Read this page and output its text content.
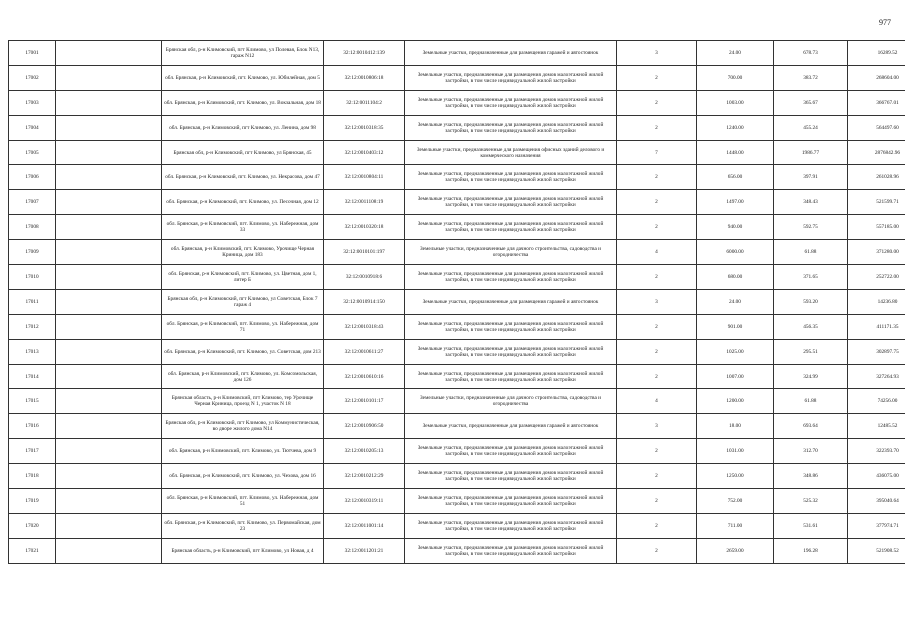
977
17001		Брянская обл, р-н Климовский, пгт Климово, ул Полевая, Блок N13, гараж N12	32:12:0010412:139	Земельные участки, предназначенные для размещения гаражей и автостоянок	3	24.00	678.73	16289.52
17002		обл. Брянская, р-н Климовский, пгт. Климово, ул. Юбилейная, дом 5	32:12:0010806:18	Земельные участки, предназначенные для размещения домов малоэтажной жилой застройки, в том числе индивидуальной жилой застройки	2	700.00	383.72	268604.00
17003		обл. Брянская, р-н Климовский, пгт. Климово, ул. Вокзальная, дом 18	32:12:0011104:2	Земельные участки, предназначенные для размещения домов малоэтажной жилой застройки, в том числе индивидуальной жилой застройки	2	1003.00	365.67	366767.01
17004		обл. Брянская, р-н Климовский, пгт Климово, ул. Ленина, дом 98	32:12:0010318:35	Земельные участки, предназначенные для размещения домов малоэтажной жилой застройки, в том числе индивидуальной жилой застройки	2	1240.00	455.24	564497.60
17005		Брянская обл, р-н Климовский, пгт Климово, ул Брянская, 45	32:12:0010403:12	Земельные участки, предназначенные для размещения офисных зданий делового и коммерческого назначения	7	1448.00	1986.77	2876842.96
17006		обл. Брянская, р-н Климовский, пгт. Климово, ул. Некрасова, дом 47	32:12:0010804:11	Земельные участки, предназначенные для размещения домов малоэтажной жилой застройки, в том числе индивидуальной жилой застройки	2	656.00	397.91	261028.96
17007		обл. Брянская, р-н Климовский, пгт. Климово, ул. Песочная, дом 12	32:12:0011108:19	Земельные участки, предназначенные для размещения домов малоэтажной жилой застройки, в том числе индивидуальной жилой застройки	2	1497.00	348.43	521599.71
17008		обл. Брянская, р-н Климовский, пгт. Климово, ул. Набережная, дом 33	32:12:0010320:18	Земельные участки, предназначенные для размещения домов малоэтажной жилой застройки, в том числе индивидуальной жилой застройки	2	940.00	592.75	557185.00
17009		обл. Брянская, р-н Климовский, пгт. Климово, Урочище Черная Криница, дом 183	32:12:0010101:197	Земельные участки, предназначенные для дачного строительства, садоводства и огородничества	4	6000.00	61.88	371280.00
17010		обл. Брянская, р-н Климовский, пгт. Климово, ул. Цветная, дом 1, литер Б	32:12:0010918:6	Земельные участки, предназначенные для размещения домов малоэтажной жилой застройки, в том числе индивидуальной жилой застройки	2	680.00	371.65	252722.00
17011		Брянская обл, р-н Климовский, пгт Климово, ул Советская, Блок 7 гараж 4	32:12:0010914:150	Земельные участки, предназначенные для размещения гаражей и автостоянок	3	24.00	593.20	14236.80
17012		обл. Брянская, р-н Климовский, пгт. Климово, ул. Набережная, дом 71	32:12:0010318:43	Земельные участки, предназначенные для размещения домов малоэтажной жилой застройки, в том числе индивидуальной жилой застройки	2	901.00	456.35	411171.35
17013		обл. Брянская, р-н Климовский, пгт. Климово, ул. Советская, дом 213	32:12:0010611:27	Земельные участки, предназначенные для размещения домов малоэтажной жилой застройки, в том числе индивидуальной жилой застройки	2	1025.00	295.51	302897.75
17014		обл. Брянская, р-н Климовский, пгт. Климово, ул. Комсомольская, дом 126	32:12:0010610:16	Земельные участки, предназначенные для размещения домов малоэтажной жилой застройки, в том числе индивидуальной жилой застройки	2	1007.00	324.99	327264.93
17015		Брянская область, р-н Климовский, пгт Климово, тер Урочище Черная Криница, проезд N 1, участок N 18	32:12:0010101:17	Земельные участки, предназначенные для дачного строительства, садоводства и огородничества	4	1200.00	61.88	74256.00
17016		Брянская обл, р-н Климовский, пгт Климово, ул Коммунистическая, во дворе жилого дома N14	32:12:0010906:50	Земельные участки, предназначенные для размещения гаражей и автостоянок	3	18.00	693.64	12485.52
17017		обл. Брянская, р-н Климовский, пгт. Климово, ул. Тютчева, дом 9	32:12:0010205:13	Земельные участки, предназначенные для размещения домов малоэтажной жилой застройки, в том числе индивидуальной жилой застройки	2	1031.00	312.70	322393.70
17018		обл. Брянская, р-н Климовский, пгт. Климово, ул. Чехова, дом 16	32:12:0010212:29	Земельные участки, предназначенные для размещения домов малоэтажной жилой застройки, в том числе индивидуальной жилой застройки	2	1250.00	348.86	436075.00
17019		обл. Брянская, р-н Климовский, пгт. Климово, ул. Набережная, дом 51	32:12:0010319:11	Земельные участки, предназначенные для размещения домов малоэтажной жилой застройки, в том числе индивидуальной жилой застройки	2	752.00	525.32	395040.64
17020		обл. Брянская, р-н Климовский, пгт. Климово, ул. Первомайская, дом 23	32:12:0011001:14	Земельные участки, предназначенные для размещения домов малоэтажной жилой застройки, в том числе индивидуальной жилой застройки	2	711.00	531.61	377974.71
17021		Брянская область, р-н Климовский, пгт Климово, ул Новая, д 4	32:12:0011201:21	Земельные участки, предназначенные для размещения домов малоэтажной жилой застройки, в том числе индивидуальной жилой застройки	2	2659.00	196.28	521908.52
